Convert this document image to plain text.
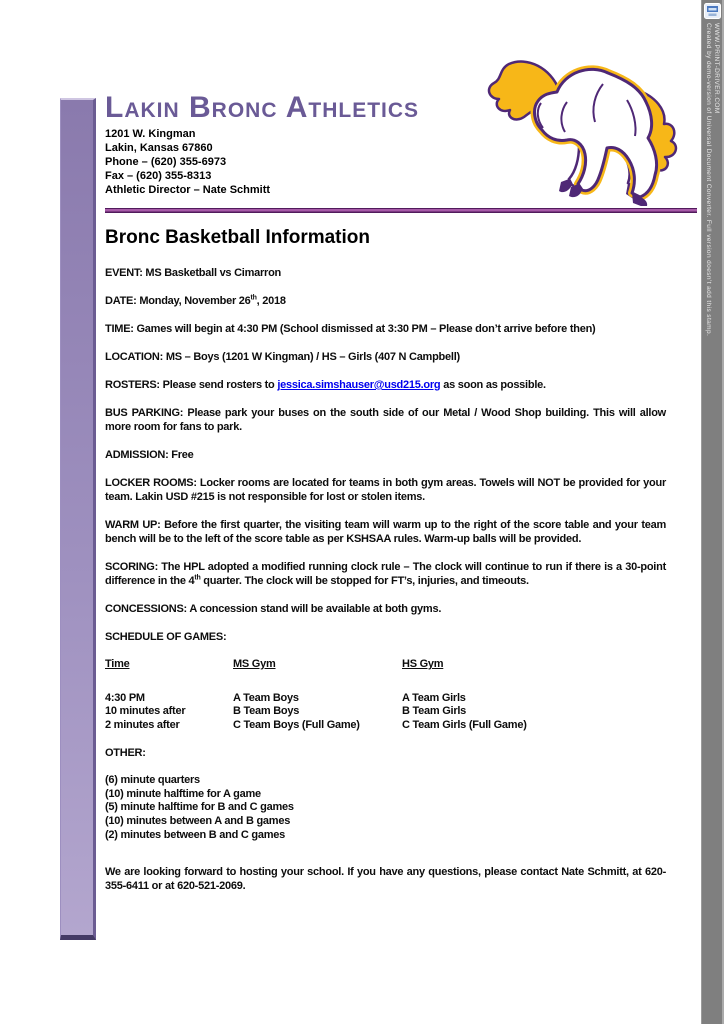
Lakin Bronc Athletics
1201 W. Kingman
Lakin, Kansas 67860
Phone – (620) 355-6973
Fax – (620) 355-8313
Athletic Director – Nate Schmitt
Bronc Basketball Information
EVENT: MS Basketball vs Cimarron
DATE: Monday, November 26th, 2018
TIME: Games will begin at 4:30 PM (School dismissed at 3:30 PM – Please don’t arrive before then)
LOCATION: MS – Boys (1201 W Kingman) / HS – Girls (407 N Campbell)
ROSTERS: Please send rosters to jessica.simshauser@usd215.org as soon as possible.
BUS PARKING: Please park your buses on the south side of our Metal / Wood Shop building. This will allow more room for fans to park.
ADMISSION: Free
LOCKER ROOMS: Locker rooms are located for teams in both gym areas. Towels will NOT be provided for your team. Lakin USD #215 is not responsible for lost or stolen items.
WARM UP: Before the first quarter, the visiting team will warm up to the right of the score table and your team bench will be to the left of the score table as per KSHSAA rules. Warm-up balls will be provided.
SCORING: The HPL adopted a modified running clock rule – The clock will continue to run if there is a 30-point difference in the 4th quarter. The clock will be stopped for FT’s, injuries, and timeouts.
CONCESSIONS: A concession stand will be available at both gyms.
SCHEDULE OF GAMES:
Time	MS Gym	HS Gym
4:30 PM	A Team Boys	A Team Girls
10 minutes after	B Team Boys	B Team Girls
2 minutes after	C Team Boys (Full Game)	C Team Girls (Full Game)
OTHER:
(6) minute quarters
(10) minute halftime for A game
(5) minute halftime for B and C games
(10) minutes between A and B games
(2) minutes between B and C games
We are looking forward to hosting your school. If you have any questions, please contact Nate Schmitt, at 620-355-6411 or at 620-521-2069.
Created by demo-version of Universal Document Converter. Full version doesn’t add this stamp. WWW.PRINT-DRIVER.COM
